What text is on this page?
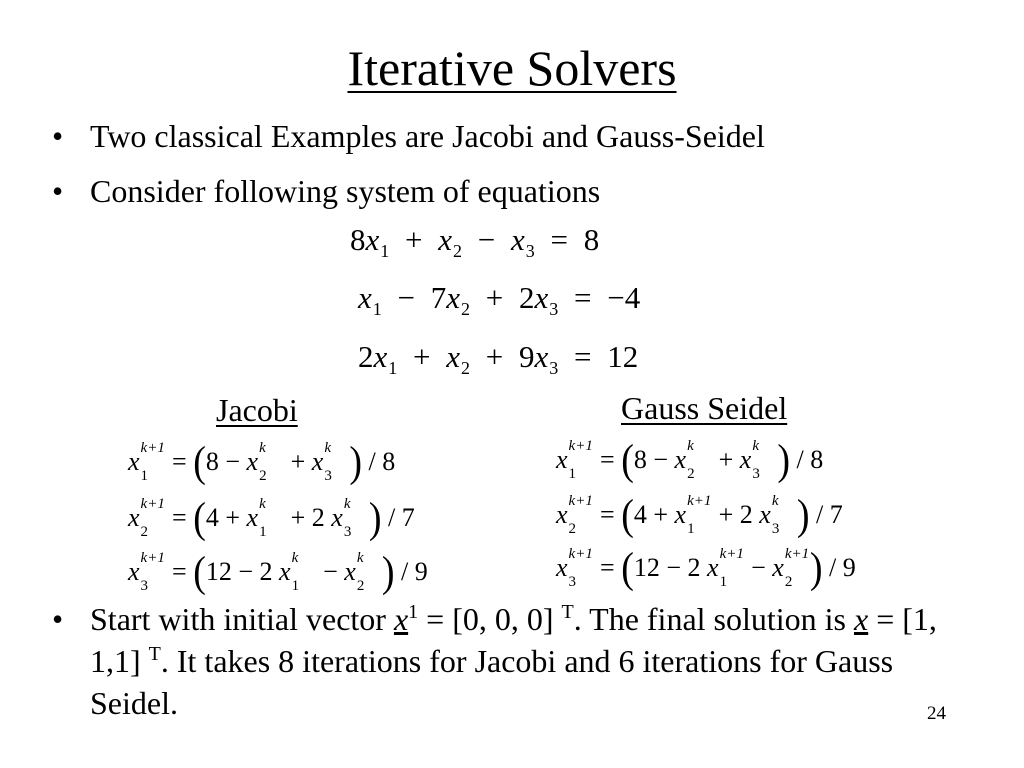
Iterative Solvers
• Two classical Examples are Jacobi and Gauss-Seidel
• Consider following system of equations
$8x_1 + x_2 - x_3 = 8$
$x_1 - 7x_2 + 2x_3 = -4$
$2x_1 + x_2 + 9x_3 = 12$
Jacobi	Gauss Seidel
x k+1
1 = (8 − x k
2 + x k
3 ) / 8
x k+1
2 = (4 + x k
1 + 2 x k
3 ) / 7
x k+1
3 = (12 − 2 x k
1 − x k
2 ) / 9
x k+1
1 = (8 − x k
2 + x k
3 ) / 8
x k+1
2 = (4 + x k+1
1 + 2 x k
3 ) / 7
x k+1
3 = (12 − 2 x k+1
1 − x k+1
2 ) / 9
• Start with initial vector $x^1 = [0$, 0, 0] $^T$. The final solution is x = [1, 1,1] $^T$. It takes 8 iterations for Jacobi and 6 iterations for Gauss Seidel.	24
